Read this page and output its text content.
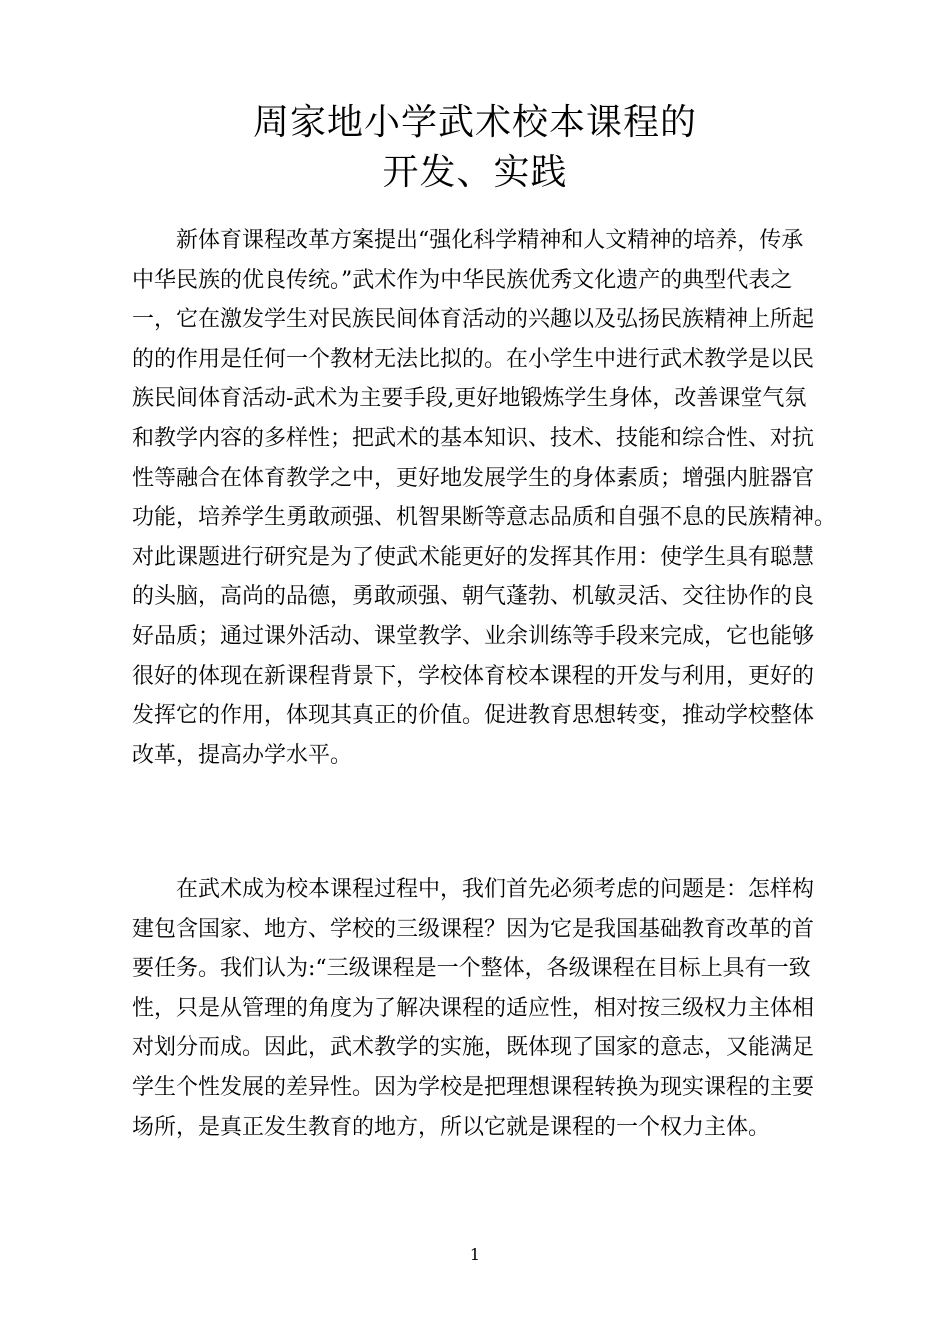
周家地小学武术校本课程的
开发、实践
　　新体育课程改革方案提出“强化科学精神和人文精神的培养，传承
中华民族的优良传统。”武术作为中华民族优秀文化遗产的典型代表之
一，它在激发学生对民族民间体育活动的兴趣以及弘扬民族精神上所起
的的作用是任何一个教材无法比拟的。在小学生中进行武术教学是以民
族民间体育活动-武术为主要手段,更好地锻炼学生身体，改善课堂气氛
和教学内容的多样性；把武术的基本知识、技术、技能和综合性、对抗
性等融合在体育教学之中，更好地发展学生的身体素质；增强内脏器官
功能，培养学生勇敢顽强、机智果断等意志品质和自强不息的民族精神。
对此课题进行研究是为了使武术能更好的发挥其作用：使学生具有聪慧
的头脑，高尚的品德，勇敢顽强、朝气蓬勃、机敏灵活、交往协作的良
好品质；通过课外活动、课堂教学、业余训练等手段来完成，它也能够
很好的体现在新课程背景下，学校体育校本课程的开发与利用，更好的
发挥它的作用，体现其真正的价值。促进教育思想转变，推动学校整体
改革，提高办学水平。
　　在武术成为校本课程过程中，我们首先必须考虑的问题是：怎样构
建包含国家、地方、学校的三级课程？因为它是我国基础教育改革的首
要任务。我们认为:“三级课程是一个整体，各级课程在目标上具有一致
性，只是从管理的角度为了解决课程的适应性，相对按三级权力主体相
对划分而成。因此，武术教学的实施，既体现了国家的意志，又能满足
学生个性发展的差异性。因为学校是把理想课程转换为现实课程的主要
场所，是真正发生教育的地方，所以它就是课程的一个权力主体。
1
